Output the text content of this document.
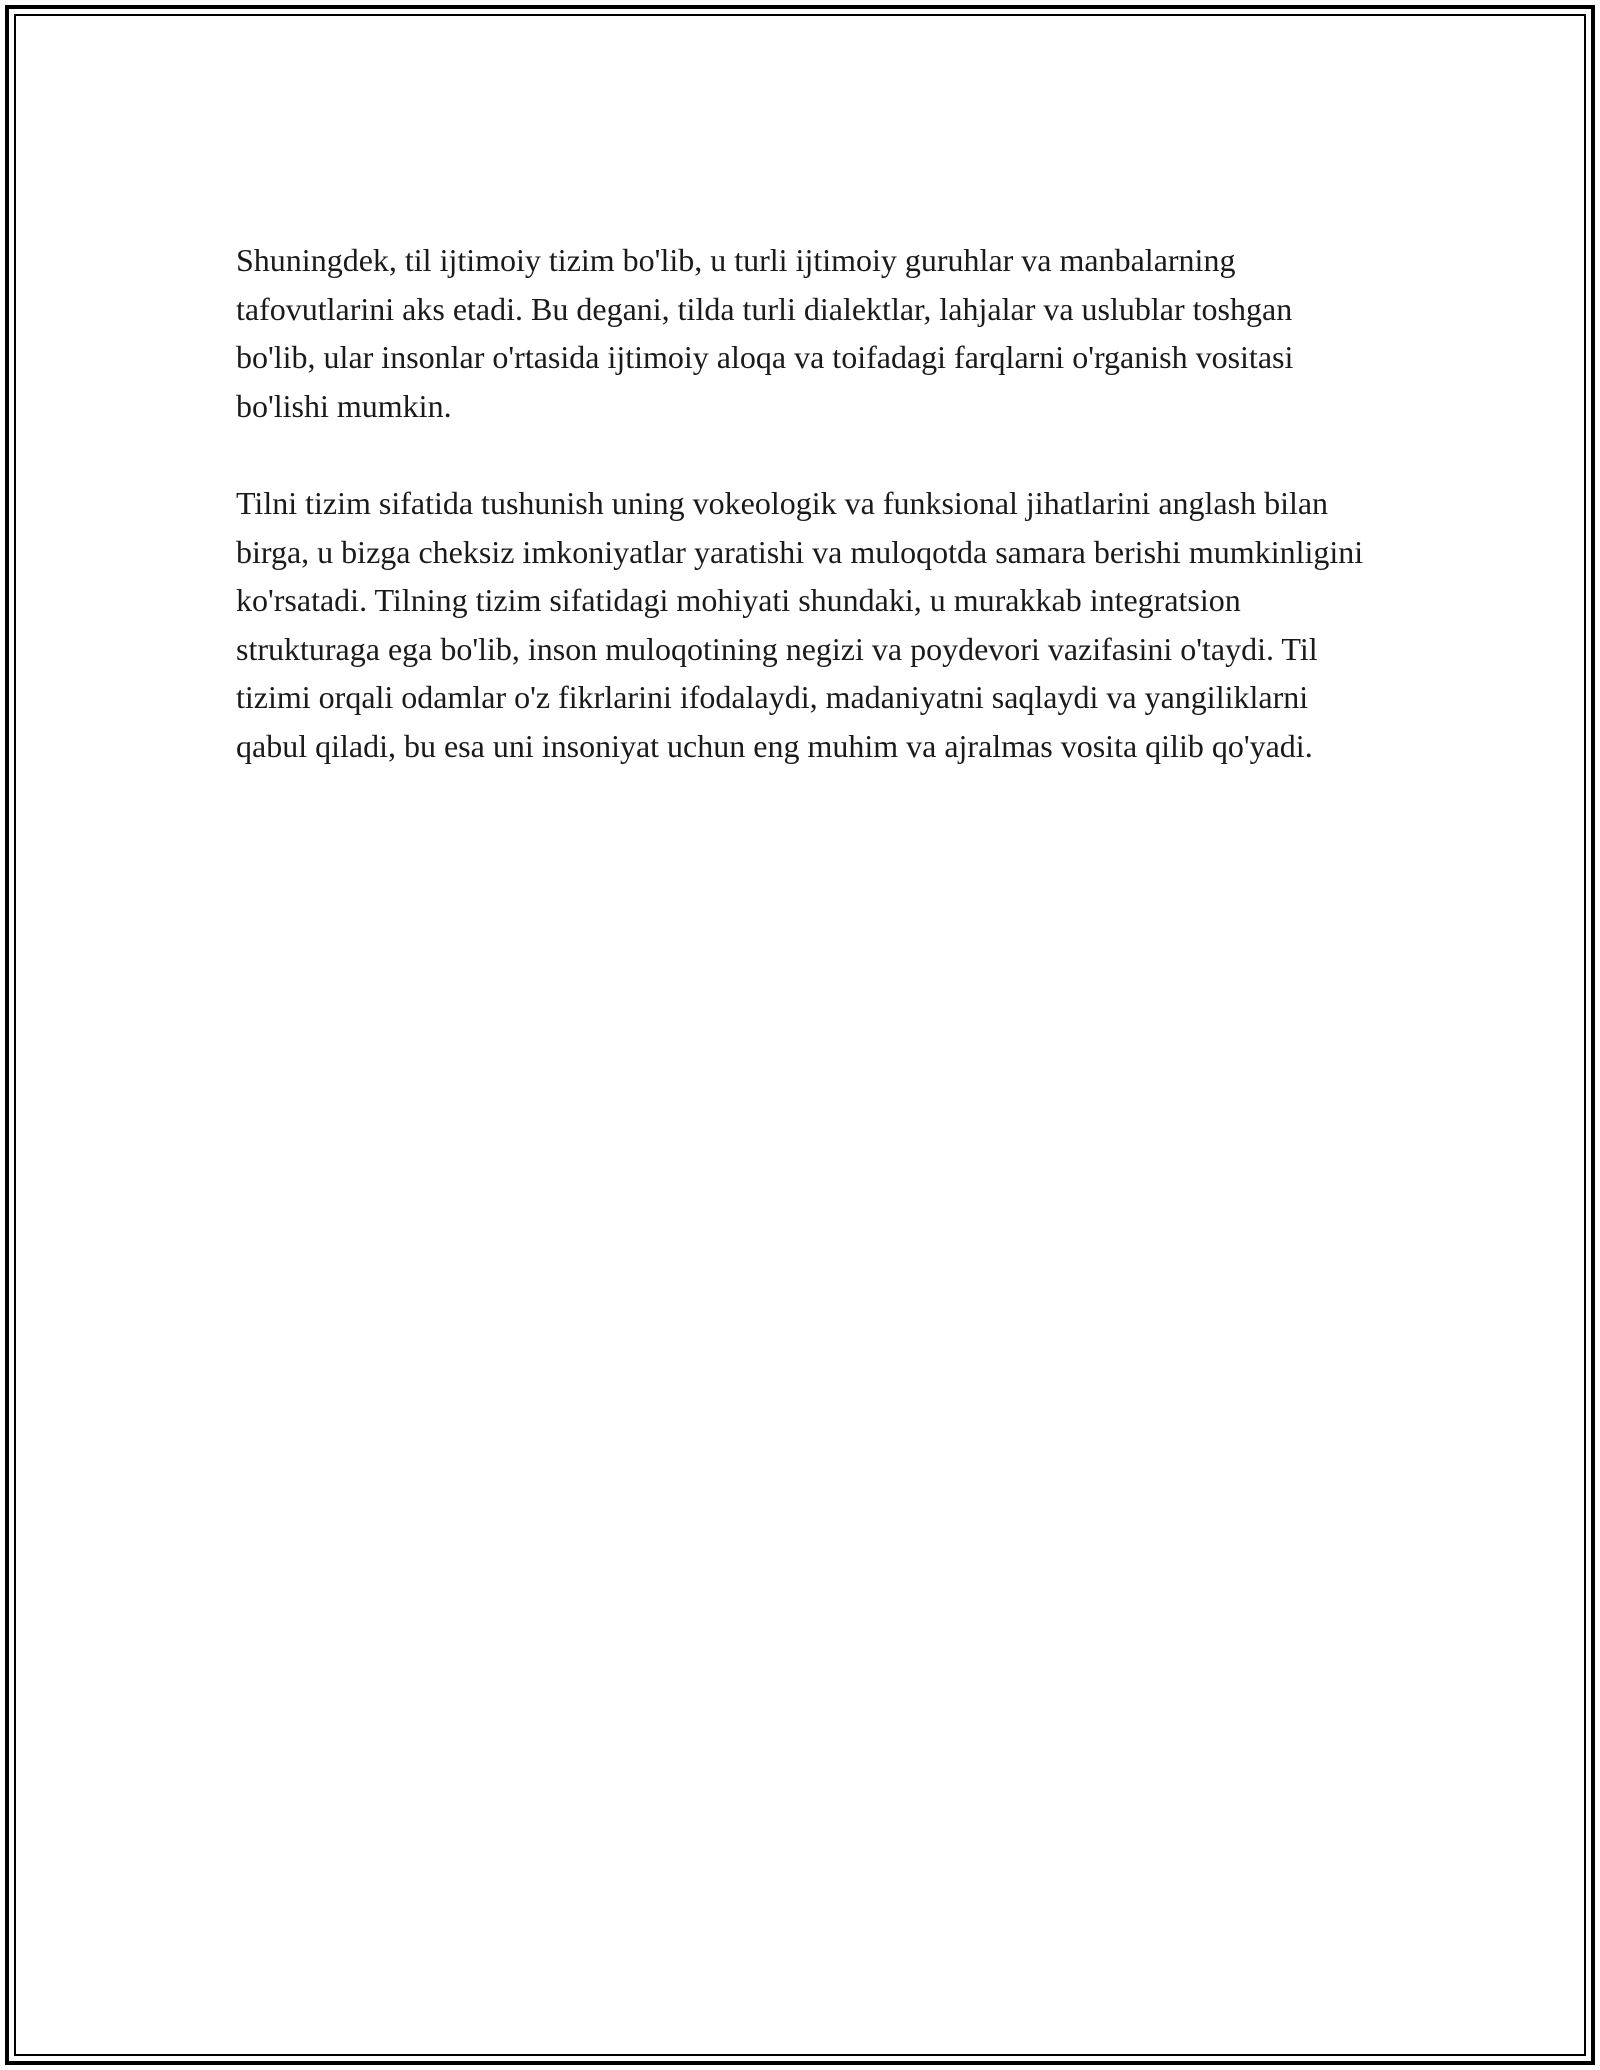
Shuningdek, til ijtimoiy tizim bo'lib, u turli ijtimoiy guruhlar va manbalarning tafovutlarini aks etadi. Bu degani, tilda turli dialektlar, lahjalar va uslublar toshgan bo'lib, ular insonlar o'rtasida ijtimoiy aloqa va toifadagi farqlarni o'rganish vositasi bo'lishi mumkin.

Tilni tizim sifatida tushunish uning vokeologik va funksional jihatlarini anglash bilan birga, u bizga cheksiz imkoniyatlar yaratishi va muloqotda samara berishi mumkinligini ko'rsatadi. Tilning tizim sifatidagi mohiyati shundaki, u murakkab integratsion strukturaga ega bo'lib, inson muloqotining negizi va poydevori vazifasini o'taydi. Til tizimi orqali odamlar o'z fikrlarini ifodalaydi, madaniyatni saqlaydi va yangiliklarni qabul qiladi, bu esa uni insoniyat uchun eng muhim va ajralmas vosita qilib qo'yadi.
